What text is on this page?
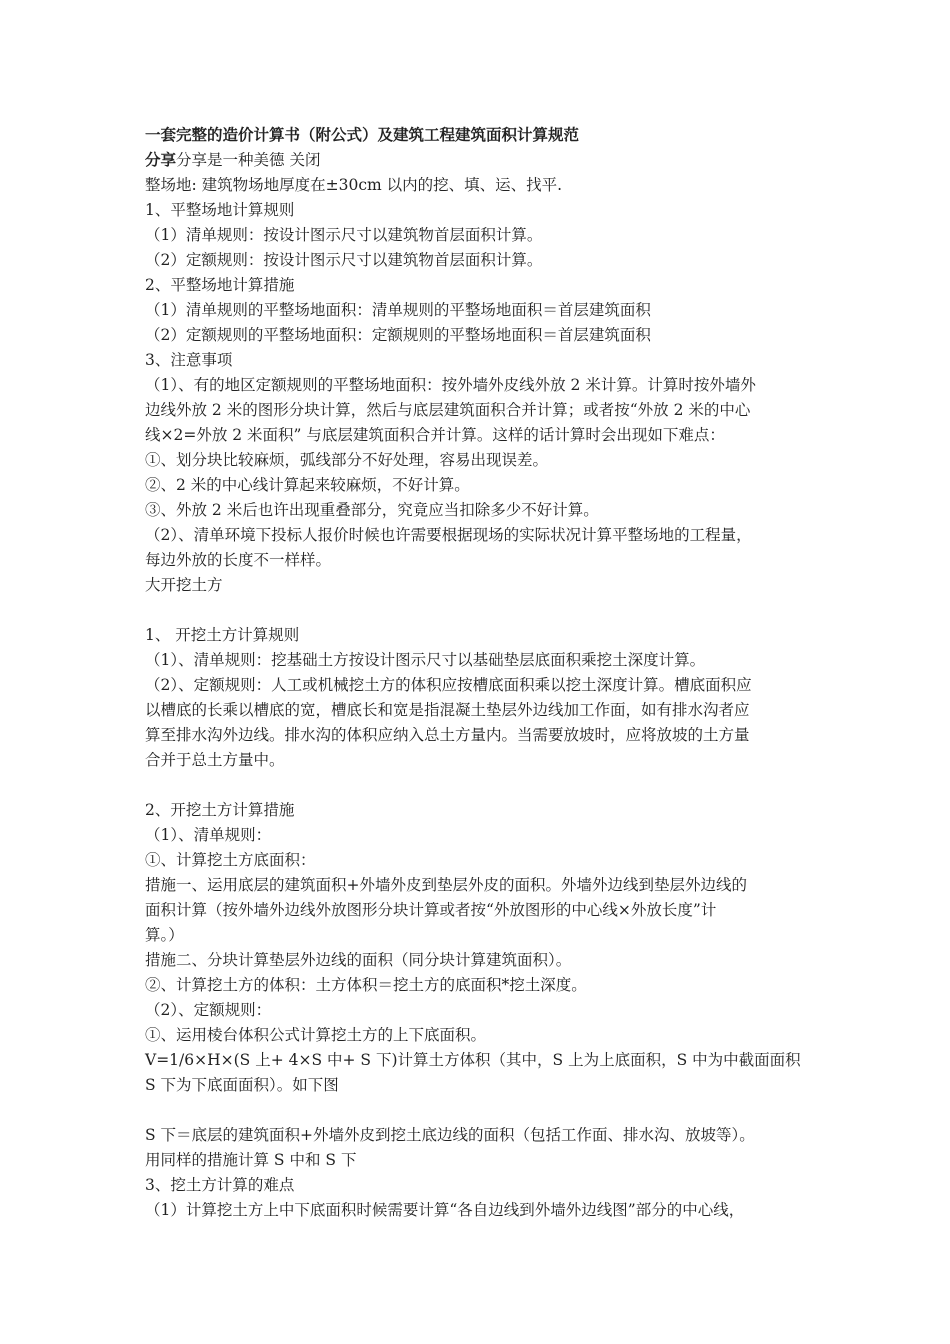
一套完整的造价计算书（附公式）及建筑工程建筑面积计算规范
分享分享是一种美德 关闭
整场地: 建筑物场地厚度在±30cm 以内的挖、填、运、找平.
1、平整场地计算规则
（1）清单规则：按设计图示尺寸以建筑物首层面积计算。
（2）定额规则：按设计图示尺寸以建筑物首层面积计算。
2、平整场地计算措施
（1）清单规则的平整场地面积：清单规则的平整场地面积＝首层建筑面积
（2）定额规则的平整场地面积：定额规则的平整场地面积＝首层建筑面积
3、注意事项
（1）、有的地区定额规则的平整场地面积：按外墙外皮线外放 2 米计算。计算时按外墙外
边线外放 2 米的图形分块计算，然后与底层建筑面积合并计算；或者按“外放 2 米的中心
线×2=外放 2 米面积” 与底层建筑面积合并计算。这样的话计算时会出现如下难点：
①、划分块比较麻烦，弧线部分不好处理，容易出现误差。
②、2 米的中心线计算起来较麻烦，不好计算。
③、外放 2 米后也许出现重叠部分，究竟应当扣除多少不好计算。
（2）、清单环境下投标人报价时候也许需要根据现场的实际状况计算平整场地的工程量，
每边外放的长度不一样样。
大开挖土方
1、 开挖土方计算规则
（1）、清单规则：挖基础土方按设计图示尺寸以基础垫层底面积乘挖土深度计算。
（2）、定额规则：人工或机械挖土方的体积应按槽底面积乘以挖土深度计算。槽底面积应
以槽底的长乘以槽底的宽，槽底长和宽是指混凝土垫层外边线加工作面，如有排水沟者应
算至排水沟外边线。排水沟的体积应纳入总土方量内。当需要放坡时，应将放坡的土方量
合并于总土方量中。
2、开挖土方计算措施
（1）、清单规则：
①、计算挖土方底面积：
措施一、运用底层的建筑面积+外墙外皮到垫层外皮的面积。外墙外边线到垫层外边线的
面积计算（按外墙外边线外放图形分块计算或者按“外放图形的中心线×外放长度”计
算。）
措施二、分块计算垫层外边线的面积（同分块计算建筑面积）。
②、计算挖土方的体积：土方体积＝挖土方的底面积*挖土深度。
（2）、定额规则：
①、运用棱台体积公式计算挖土方的上下底面积。
V=1/6×H×(S 上+ 4×S 中+ S 下)计算土方体积（其中，S 上为上底面积，S 中为中截面面积
S 下为下底面面积）。如下图
S 下＝底层的建筑面积+外墙外皮到挖土底边线的面积（包括工作面、排水沟、放坡等）。
用同样的措施计算 S 中和 S 下
3、挖土方计算的难点
（1）计算挖土方上中下底面积时候需要计算“各自边线到外墙外边线图”部分的中心线，
